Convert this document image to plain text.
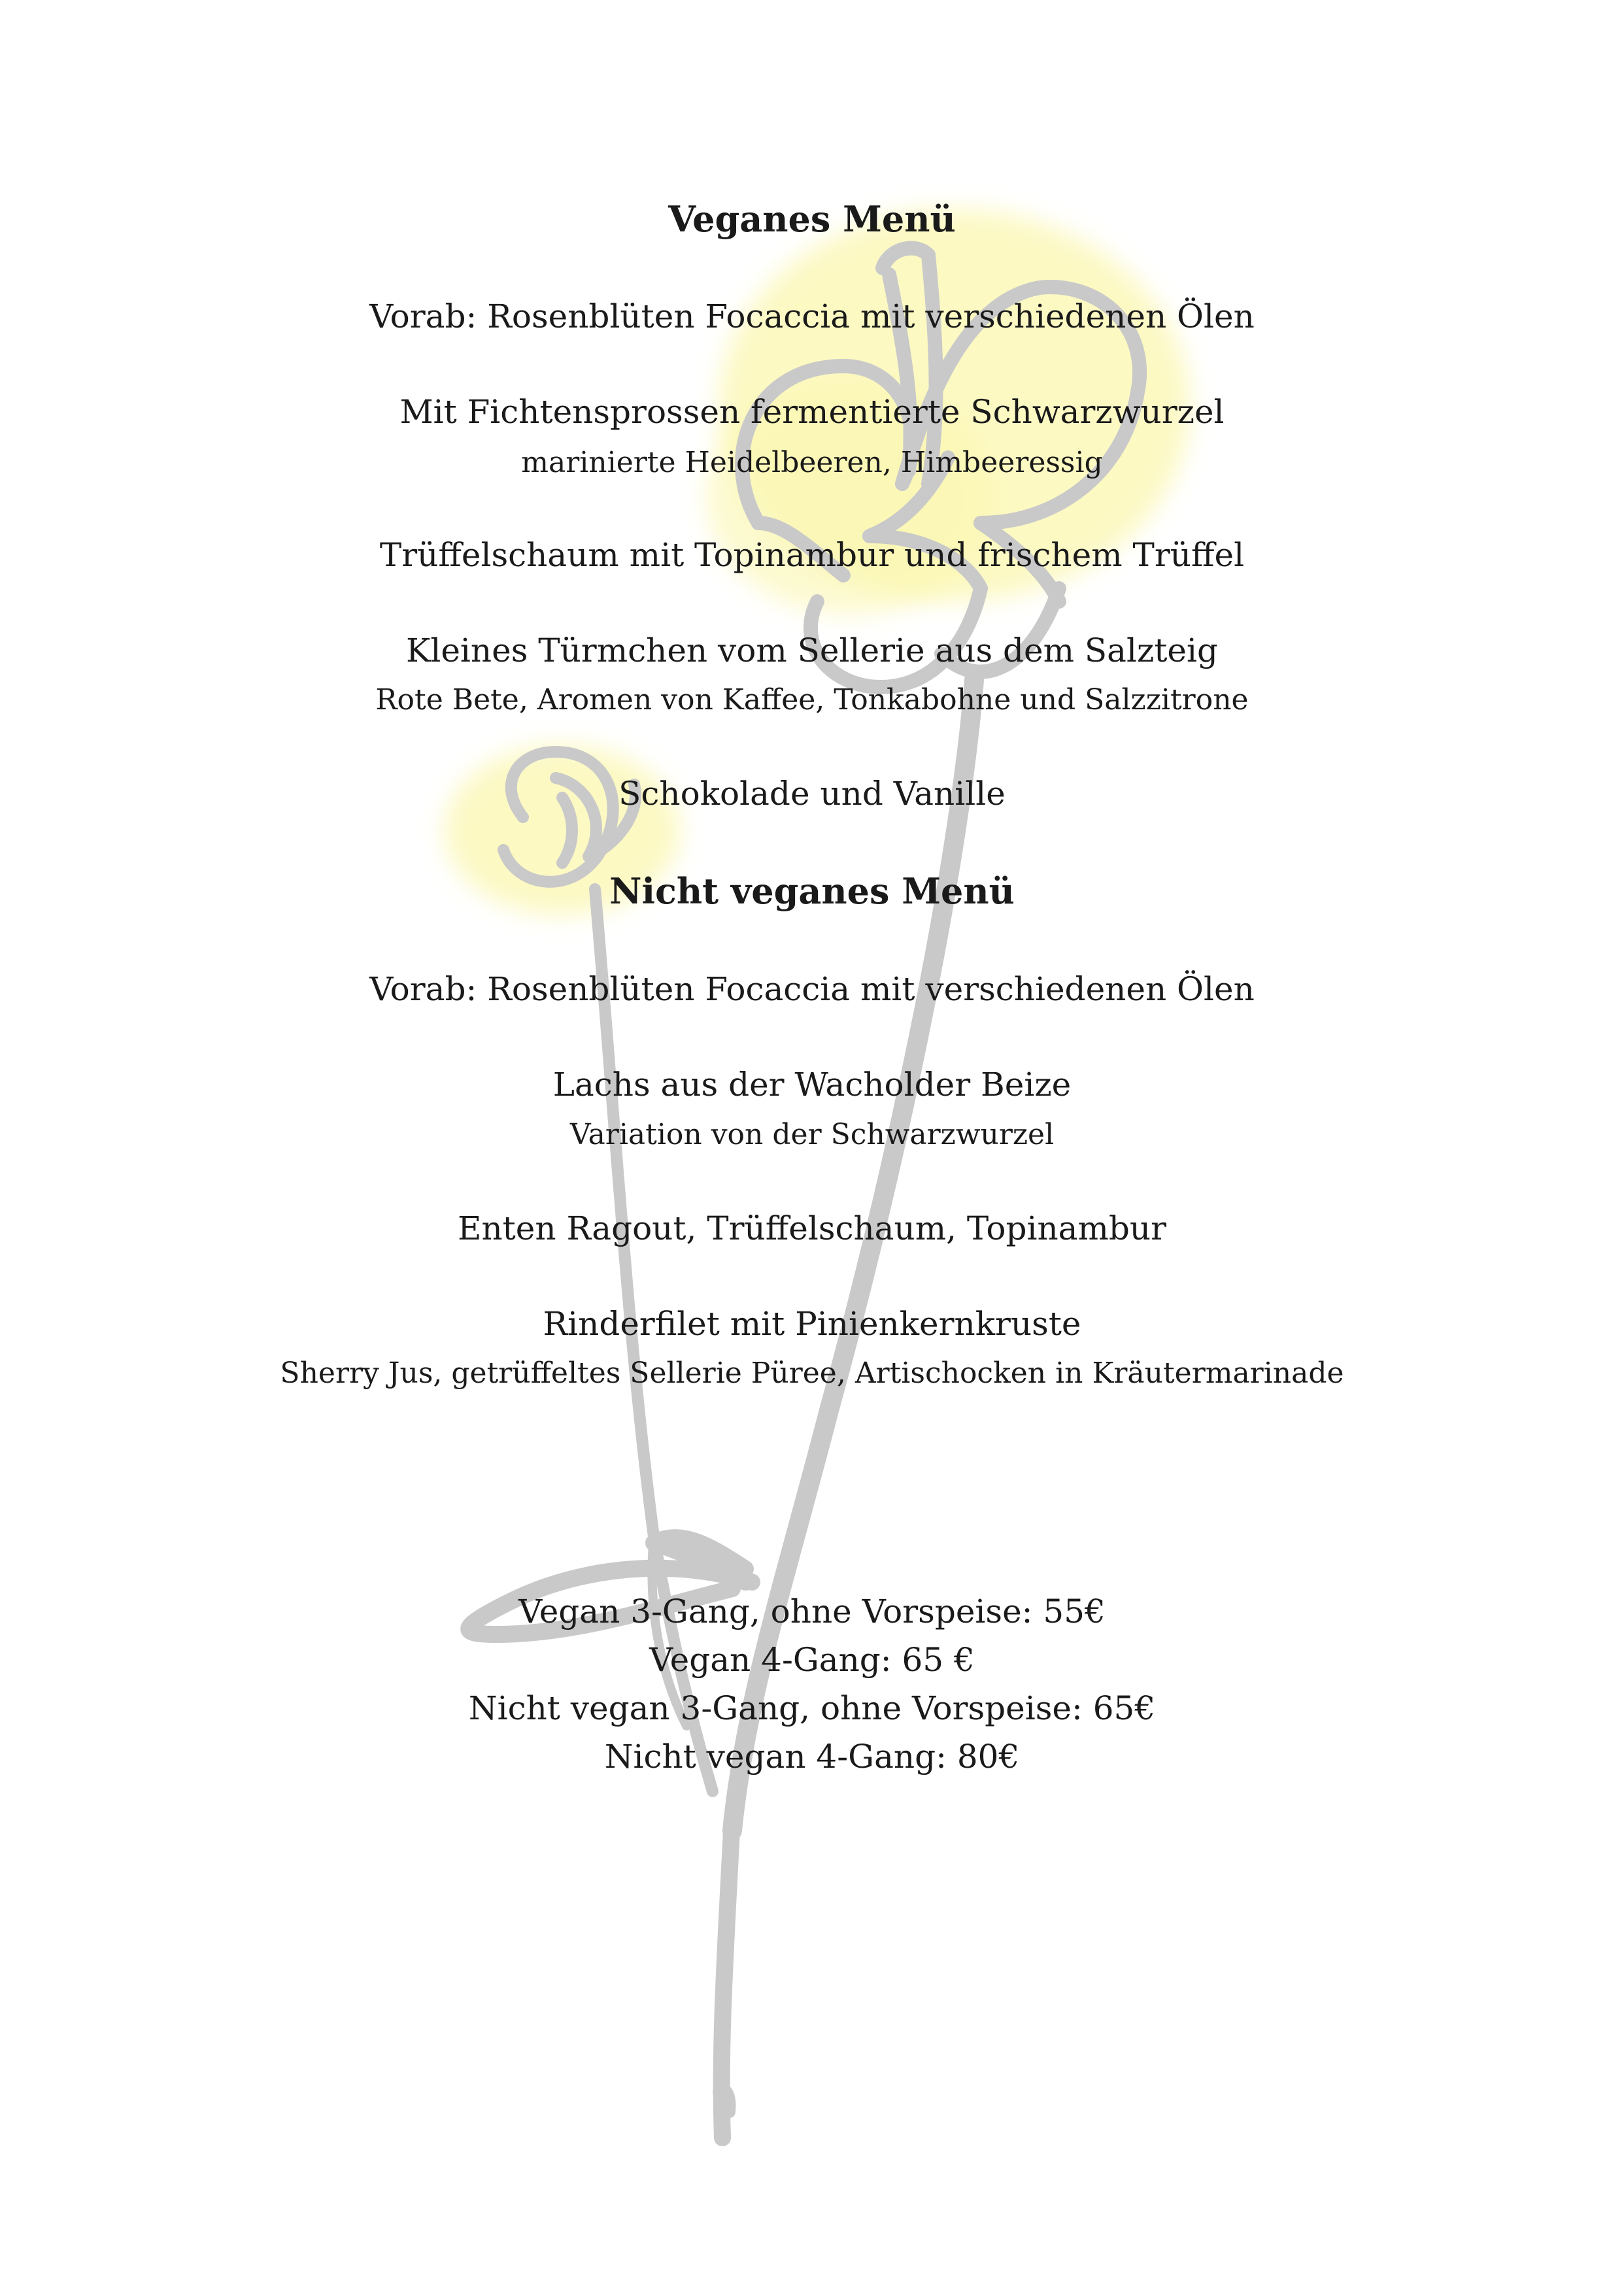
Veganes Menü
Vorab: Rosenblüten Focaccia mit verschiedenen Ölen
Mit Fichtensprossen fermentierte Schwarzwurzel
marinierte Heidelbeeren, Himbeeressig
Trüffelschaum mit Topinambur und frischem Trüffel
Kleines Türmchen vom Sellerie aus dem Salzteig
Rote Bete, Aromen von Kaffee, Tonkabohne und Salzzitrone
Schokolade und Vanille
Nicht veganes Menü
Vorab: Rosenblüten Focaccia mit verschiedenen Ölen
Lachs aus der Wacholder Beize
Variation von der Schwarzwurzel
Enten Ragout, Trüffelschaum, Topinambur
Rinderfilet mit Pinienkernkruste
Sherry Jus, getrüffeltes Sellerie Püree, Artischocken in Kräutermarinade
Vegan 3-Gang, ohne Vorspeise: 55€
Vegan 4-Gang: 65 €
Nicht vegan 3-Gang, ohne Vorspeise: 65€
Nicht vegan 4-Gang: 80€
